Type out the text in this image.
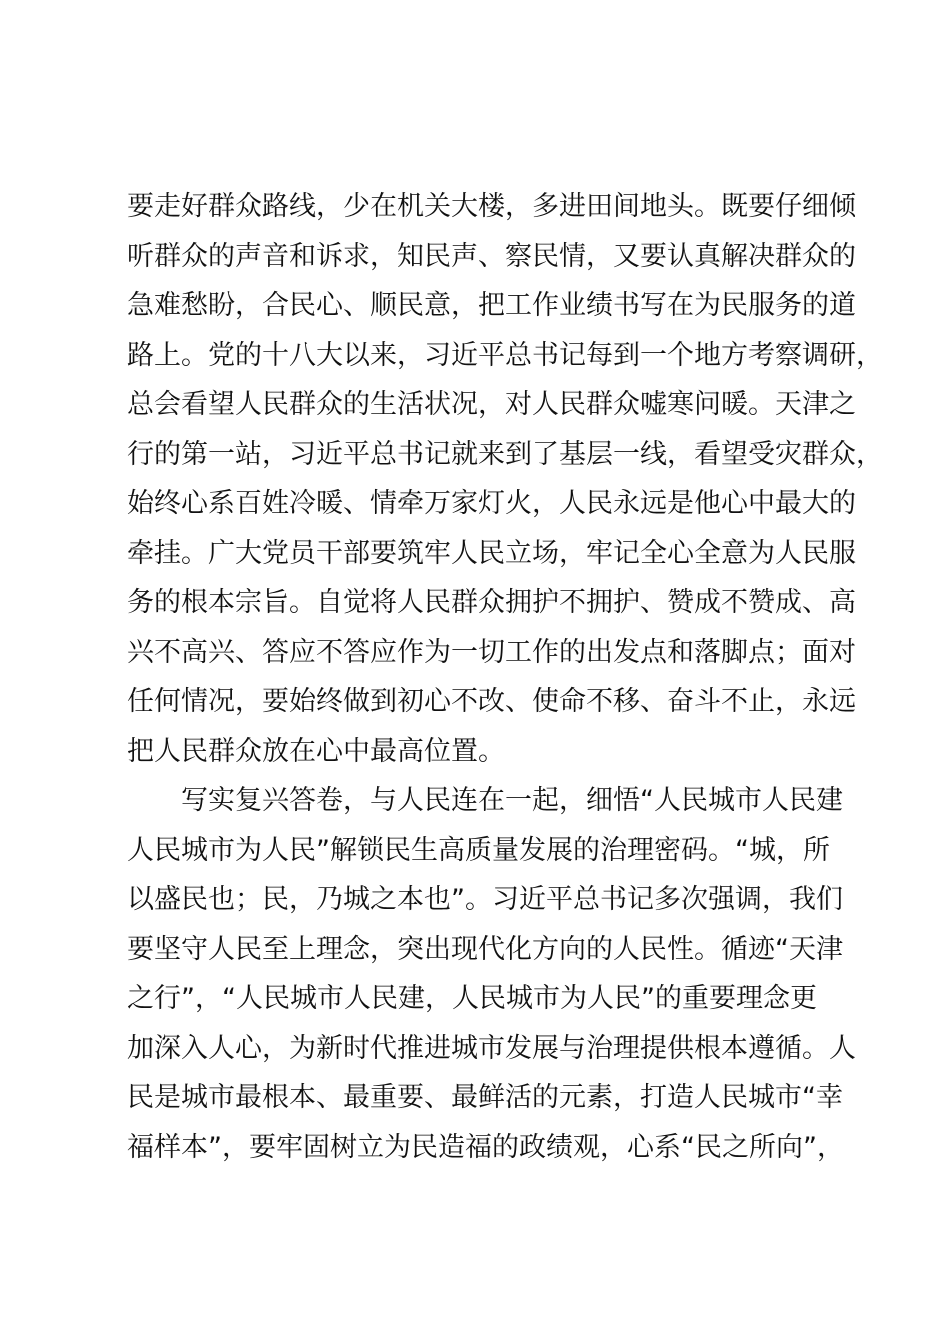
要走好群众路线，少在机关大楼，多进田间地头。既要仔细倾
听群众的声音和诉求，知民声、察民情，又要认真解决群众的
急难愁盼，合民心、顺民意，把工作业绩书写在为民服务的道
路上。党的十八大以来，习近平总书记每到一个地方考察调研，
总会看望人民群众的生活状况，对人民群众嘘寒问暖。天津之
行的第一站，习近平总书记就来到了基层一线，看望受灾群众，
始终心系百姓冷暖、情牵万家灯火，人民永远是他心中最大的
牵挂。广大党员干部要筑牢人民立场，牢记全心全意为人民服
务的根本宗旨。自觉将人民群众拥护不拥护、赞成不赞成、高
兴不高兴、答应不答应作为一切工作的出发点和落脚点；面对
任何情况，要始终做到初心不改、使命不移、奋斗不止，永远
把人民群众放在心中最高位置。
写实复兴答卷，与人民连在一起，细悟“人民城市人民建
人民城市为人民”解锁民生高质量发展的治理密码。“城，所
以盛民也；民，乃城之本也”。习近平总书记多次强调，我们
要坚守人民至上理念，突出现代化方向的人民性。循迹“天津
之行”，“人民城市人民建，人民城市为人民”的重要理念更
加深入人心，为新时代推进城市发展与治理提供根本遵循。人
民是城市最根本、最重要、最鲜活的元素，打造人民城市“幸
福样本”，要牢固树立为民造福的政绩观，心系“民之所向”，
